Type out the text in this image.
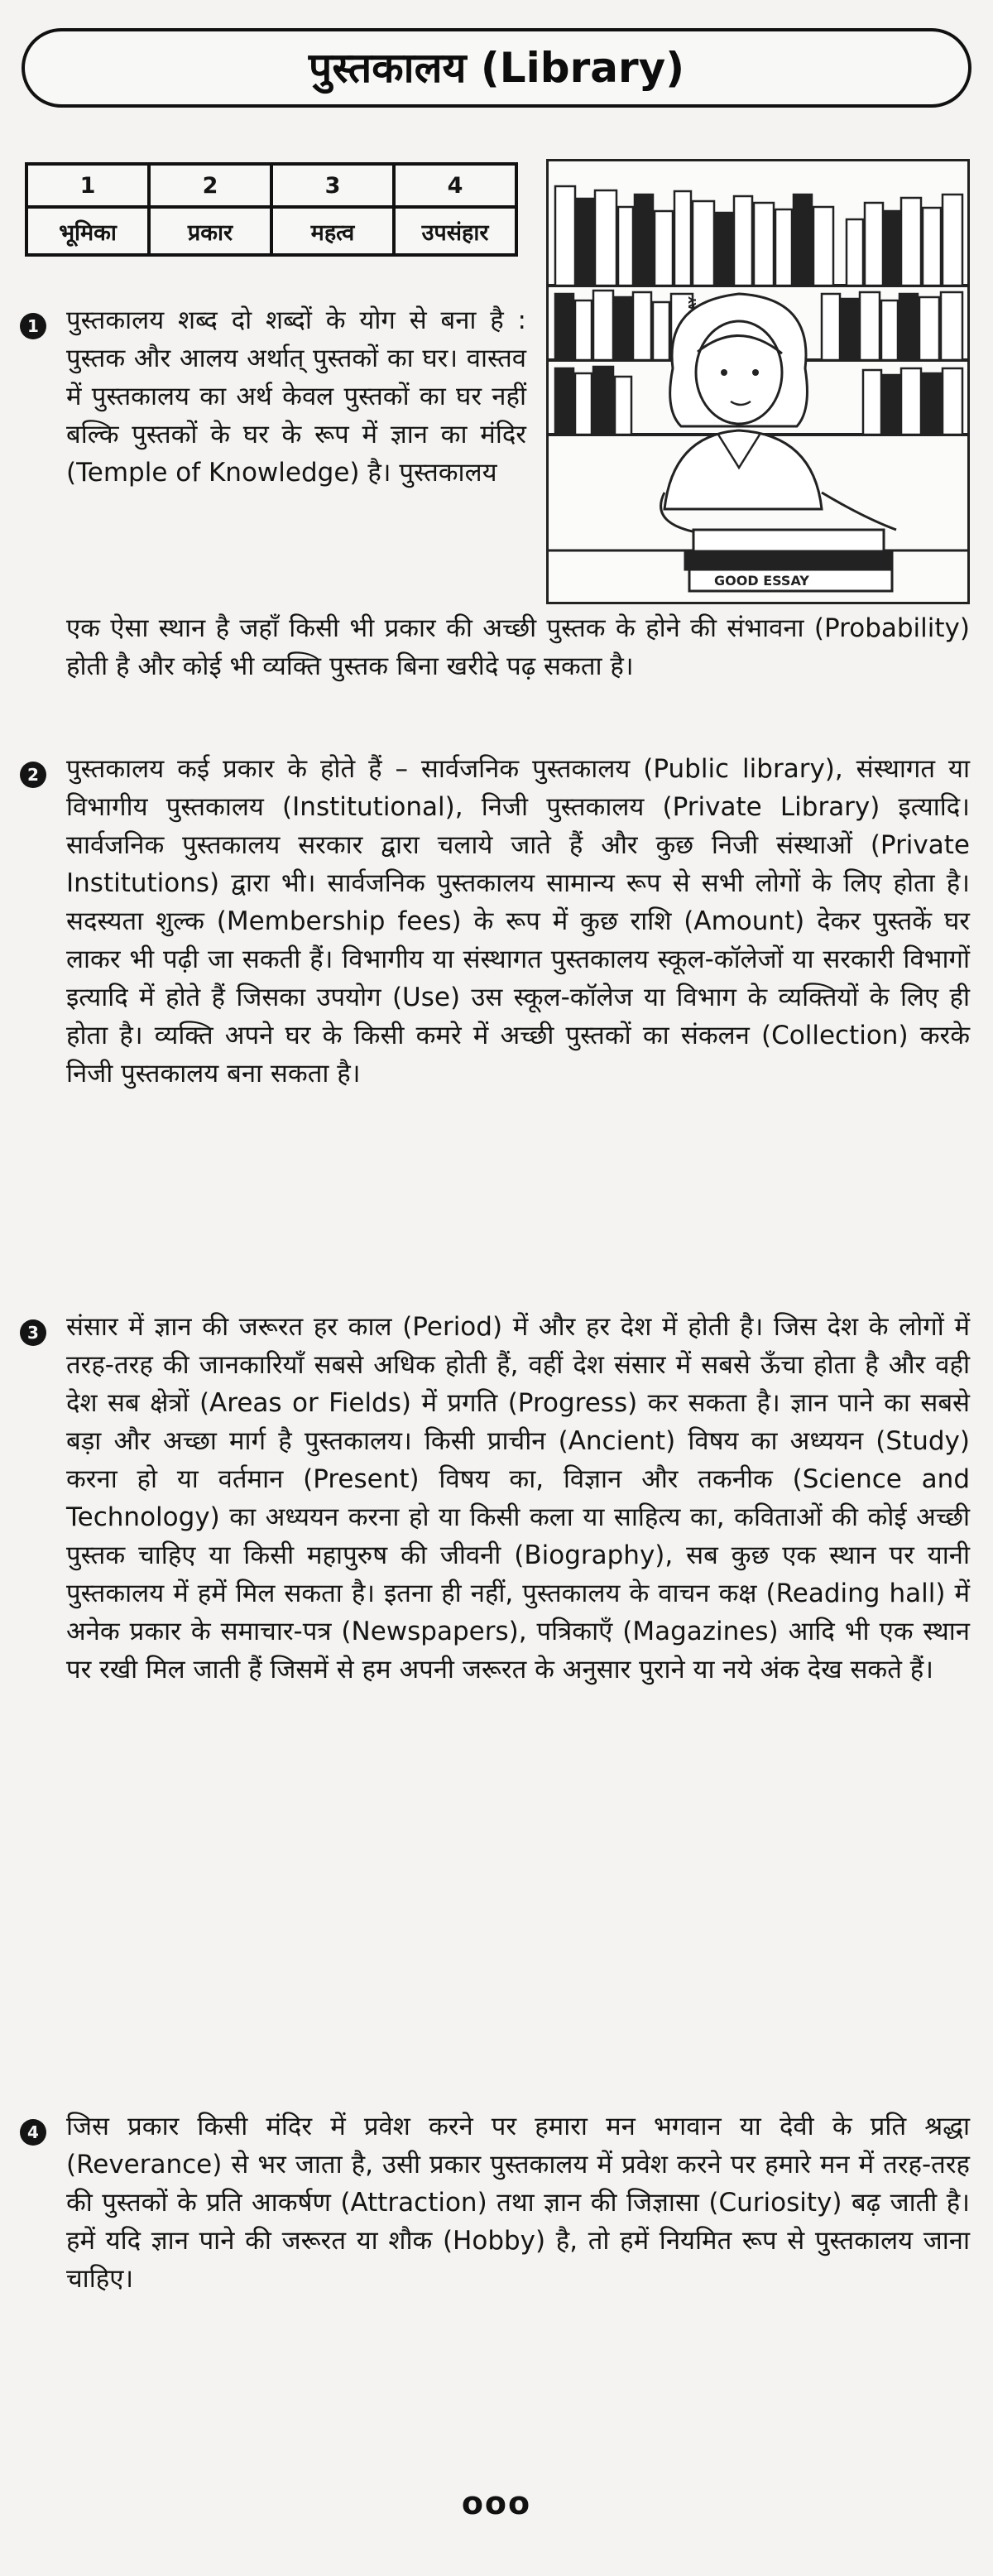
पुस्तकालय (Library)
1	2	3	4
भूमिका	प्रकार	महत्व	उपसंहार
GOOD ESSAY
1 पुस्तकालय शब्द दो शब्दों के योग से बना है : पुस्तक और आलय अर्थात् पुस्तकों का घर। वास्तव में पुस्तकालय का अर्थ केवल पुस्तकों का घर नहीं बल्कि पुस्तकों के घर के रूप में ज्ञान का मंदिर (Temple of Knowledge) है। पुस्तकालय

एक ऐसा स्थान है जहाँ किसी भी प्रकार की अच्छी पुस्तक के होने की संभावना (Probability) होती है और कोई भी व्यक्ति पुस्तक बिना खरीदे पढ़ सकता है।

2 पुस्तकालय कई प्रकार के होते हैं – सार्वजनिक पुस्तकालय (Public library), संस्थागत या विभागीय पुस्तकालय (Institutional), निजी पुस्तकालय (Private Library) इत्यादि। सार्वजनिक पुस्तकालय सरकार द्वारा चलाये जाते हैं और कुछ निजी संस्थाओं (Private Institutions) द्वारा भी। सार्वजनिक पुस्तकालय सामान्य रूप से सभी लोगों के लिए होता है। सदस्यता शुल्क (Membership fees) के रूप में कुछ राशि (Amount) देकर पुस्तकें घर लाकर भी पढ़ी जा सकती हैं। विभागीय या संस्थागत पुस्तकालय स्कूल-कॉलेजों या सरकारी विभागों इत्यादि में होते हैं जिसका उपयोग (Use) उस स्कूल-कॉलेज या विभाग के व्यक्तियों के लिए ही होता है। व्यक्ति अपने घर के किसी कमरे में अच्छी पुस्तकों का संकलन (Collection) करके निजी पुस्तकालय बना सकता है।

3 संसार में ज्ञान की जरूरत हर काल (Period) में और हर देश में होती है। जिस देश के लोगों में तरह-तरह की जानकारियाँ सबसे अधिक होती हैं, वहीं देश संसार में सबसे ऊँचा होता है और वही देश सब क्षेत्रों (Areas or Fields) में प्रगति (Progress) कर सकता है। ज्ञान पाने का सबसे बड़ा और अच्छा मार्ग है पुस्तकालय। किसी प्राचीन (Ancient) विषय का अध्ययन (Study) करना हो या वर्तमान (Present) विषय का, विज्ञान और तकनीक (Science and Technology) का अध्ययन करना हो या किसी कला या साहित्य का, कविताओं की कोई अच्छी पुस्तक चाहिए या किसी महापुरुष की जीवनी (Biography), सब कुछ एक स्थान पर यानी पुस्तकालय में हमें मिल सकता है। इतना ही नहीं, पुस्तकालय के वाचन कक्ष (Reading hall) में अनेक प्रकार के समाचार-पत्र (Newspapers), पत्रिकाएँ (Magazines) आदि भी एक स्थान पर रखी मिल जाती हैं जिसमें से हम अपनी जरूरत के अनुसार पुराने या नये अंक देख सकते हैं।

4 जिस प्रकार किसी मंदिर में प्रवेश करने पर हमारा मन भगवान या देवी के प्रति श्रद्धा (Reverance) से भर जाता है, उसी प्रकार पुस्तकालय में प्रवेश करने पर हमारे मन में तरह-तरह की पुस्तकों के प्रति आकर्षण (Attraction) तथा ज्ञान की जिज्ञासा (Curiosity) बढ़ जाती है। हमें यदि ज्ञान पाने की जरूरत या शौक (Hobby) है, तो हमें नियमित रूप से पुस्तकालय जाना चाहिए।

ooo
